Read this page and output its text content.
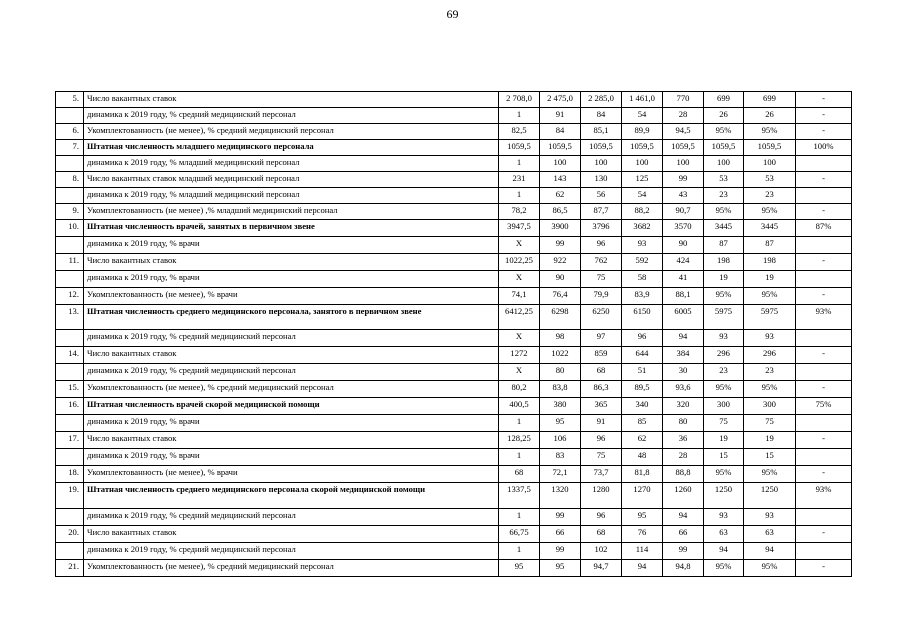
69
5.	Число вакантных ставок	2 708,0	2 475,0	2 285,0	1 461,0	770	699	699	-
	динамика к 2019 году, % средний медицинский персонал	1	91	84	54	28	26	26	-
6.	Укомплектованность (не менее), % средний медицинский персонал	82,5	84	85,1	89,9	94,5	95%	95%	-
7.	Штатная численность младшего медицинского персонала	1059,5	1059,5	1059,5	1059,5	1059,5	1059,5	1059,5	100%
	динамика к 2019 году, % младший медицинский персонал	1	100	100	100	100	100	100	
8.	Число вакантных ставок младший медицинский персонал	231	143	130	125	99	53	53	-
	динамика к 2019 году, % младший медицинский персонал	1	62	56	54	43	23	23	
9.	Укомплектованность (не менее) ,% младший медицинский персонал	78,2	86,5	87,7	88,2	90,7	95%	95%	-
10.	Штатная численность врачей, занятых в первичном звене	3947,5	3900	3796	3682	3570	3445	3445	87%
	динамика к 2019 году, % врачи	X	99	96	93	90	87	87	
11.	Число вакантных ставок	1022,25	922	762	592	424	198	198	-
	динамика к 2019 году, % врачи	X	90	75	58	41	19	19	
12.	Укомплектованность (не менее), % врачи	74,1	76,4	79,9	83,9	88,1	95%	95%	-
13.	Штатная численность среднего медицинского персонала, занятого в первичном звене	6412,25	6298	6250	6150	6005	5975	5975	93%
	динамика к 2019 году, % средний медицинский персонал	X	98	97	96	94	93	93	
14.	Число вакантных ставок	1272	1022	859	644	384	296	296	-
	динамика к 2019 году, % средний медицинский персонал	X	80	68	51	30	23	23	
15.	Укомплектованность (не менее), % средний медицинский персонал	80,2	83,8	86,3	89,5	93,6	95%	95%	-
16.	Штатная численность врачей скорой медицинской помощи	400,5	380	365	340	320	300	300	75%
	динамика к 2019 году, % врачи	1	95	91	85	80	75	75	
17.	Число вакантных ставок	128,25	106	96	62	36	19	19	-
	динамика к 2019 году, % врачи	1	83	75	48	28	15	15	
18.	Укомплектованность (не менее), % врачи	68	72,1	73,7	81,8	88,8	95%	95%	-
19.	Штатная численность среднего медицинского персонала скорой медицинской помощи	1337,5	1320	1280	1270	1260	1250	1250	93%
	динамика к 2019 году, % средний медицинский персонал	1	99	96	95	94	93	93	
20.	Число вакантных ставок	66,75	66	68	76	66	63	63	-
	динамика к 2019 году, % средний медицинский персонал	1	99	102	114	99	94	94	
21.	Укомплектованность (не менее), % средний медицинский персонал	95	95	94,7	94	94,8	95%	95%	-
